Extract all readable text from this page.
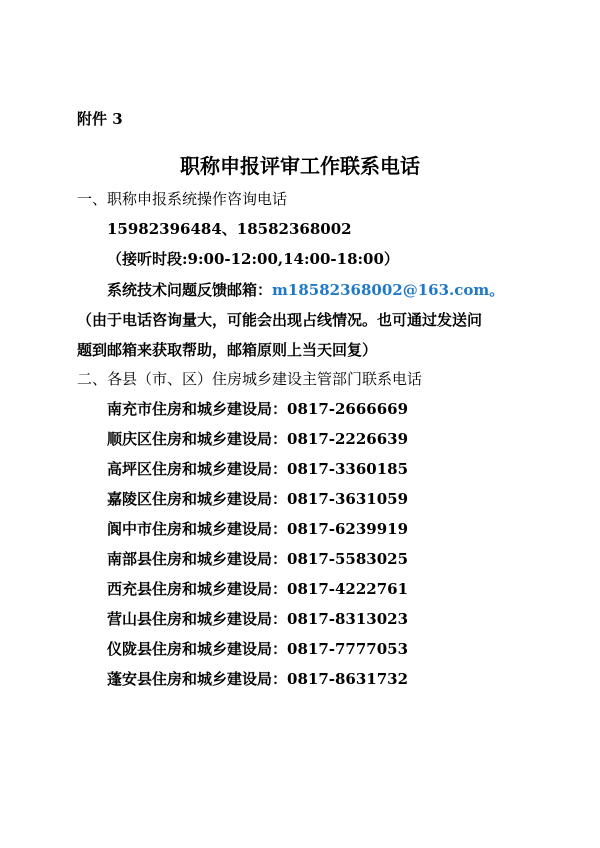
附件 3
职称申报评审工作联系电话
一、职称申报系统操作咨询电话
15982396484、18582368002
（接听时段:9:00-12:00,14:00-18:00）
系统技术问题反馈邮箱：m18582368002@163.com。
（由于电话咨询量大，可能会出现占线情况。也可通过发送问
题到邮箱来获取帮助，邮箱原则上当天回复）
二、各县（市、区）住房城乡建设主管部门联系电话
南充市住房和城乡建设局：0817-2666669
顺庆区住房和城乡建设局：0817-2226639
高坪区住房和城乡建设局：0817-3360185
嘉陵区住房和城乡建设局：0817-3631059
阆中市住房和城乡建设局：0817-6239919
南部县住房和城乡建设局：0817-5583025
西充县住房和城乡建设局：0817-4222761
营山县住房和城乡建设局：0817-8313023
仪陇县住房和城乡建设局：0817-7777053
蓬安县住房和城乡建设局：0817-8631732
